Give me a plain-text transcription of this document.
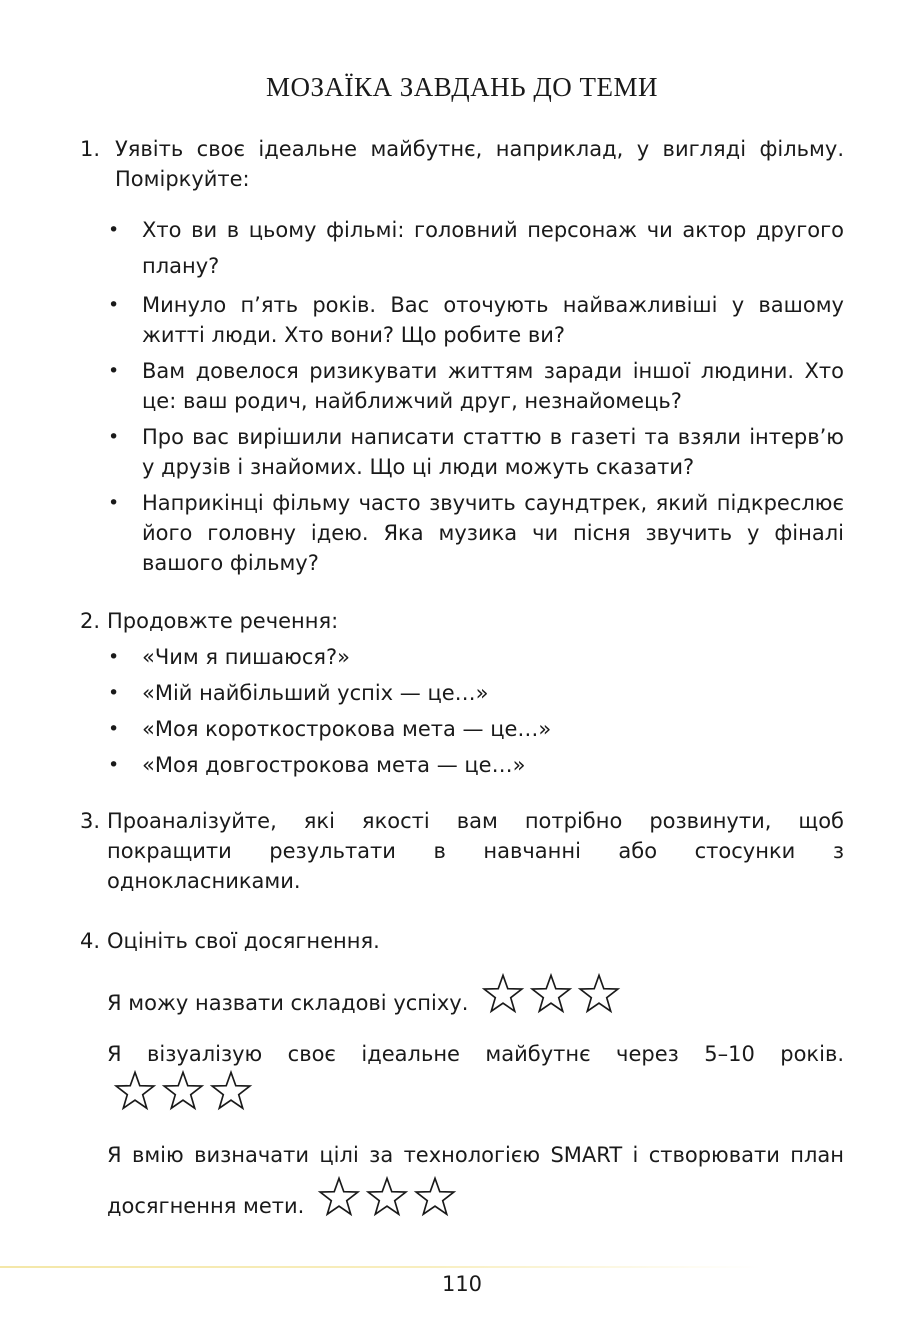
МОЗАЇКА ЗАВДАНЬ ДО ТЕМИ
1. Уявіть своє ідеальне майбутнє, наприклад, у вигляді фільму. Поміркуйте:
• Хто ви в цьому фільмі: головний персонаж чи актор другого плану?
• Минуло п’ять років. Вас оточують найважливіші у вашому житті люди. Хто вони? Що робите ви?
• Вам довелося ризикувати життям заради іншої людини. Хто це: ваш родич, найближчий друг, незнайомець?
• Про вас вирішили написати статтю в газеті та взяли інтерв’ю у друзів і знайомих. Що ці люди можуть сказати?
• Наприкінці фільму часто звучить саундтрек, який підкреслює його головну ідею. Яка музика чи пісня звучить у фіналі вашого фільму?
2. Продовжте речення:
• «Чим я пишаюся?»
• «Мій найбільший успіх — це…»
• «Моя короткострокова мета — це…»
• «Моя довгострокова мета — це…»
3. Проаналізуйте, які якості вам потрібно розвинути, щоб покращити результати в навчанні або стосунки з однокласниками.
4. Оцініть свої досягнення.

Я можу назвати складові успіху.

Я візуалізую своє ідеальне майбутнє через 5–10 років.

Я вмію визначати цілі за технологією SMART і створювати план досягнення мети.

110
